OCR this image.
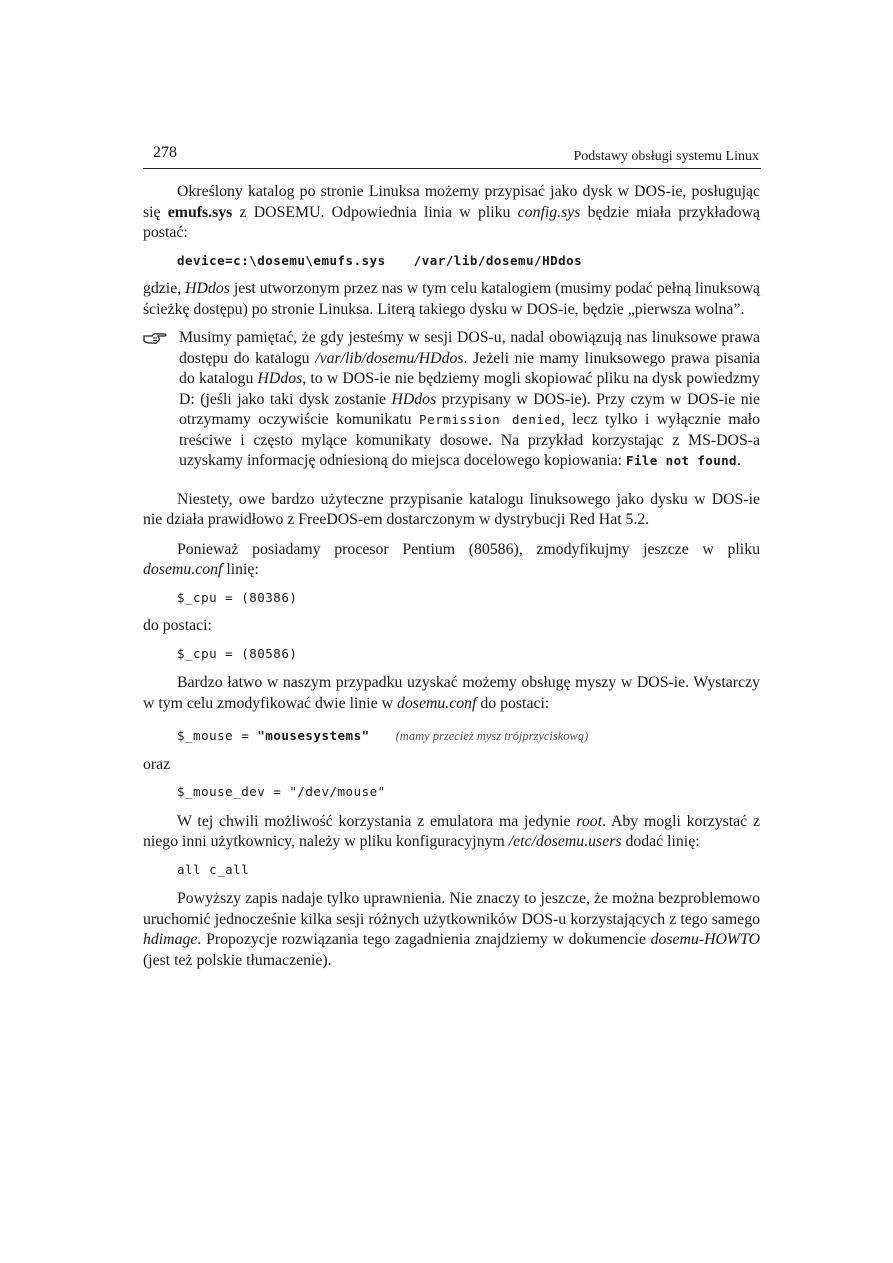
278	Podstawy obsługi systemu Linux

Określony katalog po stronie Linuksa możemy przypisać jako dysk w DOS-ie, posługując się emufs.sys z DOSEMU. Odpowiednia linia w pliku config.sys będzie miała przykładową postać:

device=c:\dosemu\emufs.sys /var/lib/dosemu/HDdos

gdzie, HDdos jest utworzonym przez nas w tym celu katalogiem (musimy podać pełną linuksową ścieżkę dostępu) po stronie Linuksa. Literą takiego dysku w DOS-ie, będzie „pierwsza wolna”.

Musimy pamiętać, że gdy jesteśmy w sesji DOS-u, nadal obowiązują nas linuksowe prawa dostępu do katalogu /var/lib/dosemu/HDdos. Jeżeli nie mamy linuksowego prawa pisania do katalogu HDdos, to w DOS-ie nie będziemy mogli skopiować pliku na dysk powiedzmy D: (jeśli jako taki dysk zostanie HDdos przypisany w DOS-ie). Przy czym w DOS-ie nie otrzymamy oczywiście komunikatu Permission denied, lecz tylko i wyłącznie mało treściwe i często mylące komunikaty dosowe. Na przykład korzystając z MS-DOS-a uzyskamy informację odniesioną do miejsca docelowego kopiowania: File not found.

Niestety, owe bardzo użyteczne przypisanie katalogu linuksowego jako dysku w DOS-ie nie działa prawidłowo z FreeDOS-em dostarczonym w dystrybucji Red Hat 5.2.

Ponieważ posiadamy procesor Pentium (80586), zmodyfikujmy jeszcze w pliku dosemu.conf linię:

$_cpu = (80386)

do postaci:

$_cpu = (80586)

Bardzo łatwo w naszym przypadku uzyskać możemy obsługę myszy w DOS-ie. Wystarczy w tym celu zmodyfikować dwie linie w dosemu.conf do postaci:

$_mouse = "mousesystems" (mamy przecież mysz trójprzyciskową)

oraz

$_mouse_dev = "/dev/mouse"

W tej chwili możliwość korzystania z emulatora ma jedynie root. Aby mogli korzystać z niego inni użytkownicy, należy w pliku konfiguracyjnym /etc/dosemu.users dodać linię:

all c_all

Powyższy zapis nadaje tylko uprawnienia. Nie znaczy to jeszcze, że można bezproblemowo uruchomić jednocześnie kilka sesji różnych użytkowników DOS-u korzystających z tego samego hdimage. Propozycje rozwiązania tego zagadnienia znajdziemy w dokumencie dosemu-HOWTO (jest też polskie tłumaczenie).
